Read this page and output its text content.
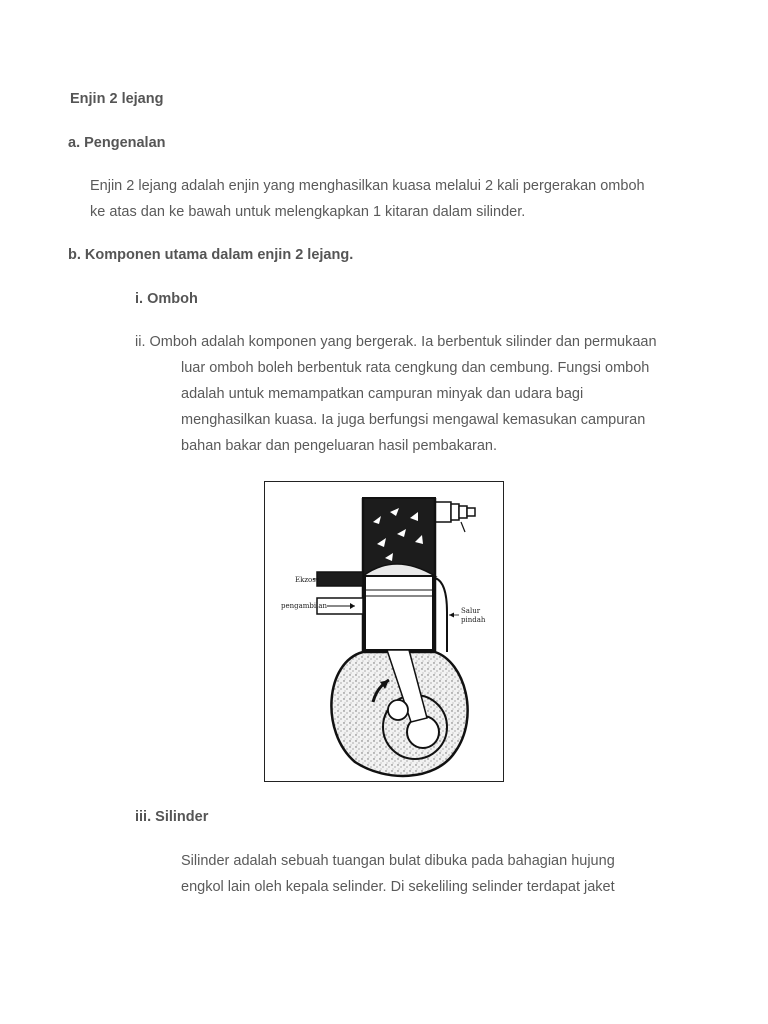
Enjin 2 lejang
a. Pengenalan
Enjin 2 lejang adalah enjin yang menghasilkan kuasa melalui 2 kali pergerakan omboh
ke atas dan ke bawah untuk melengkapkan 1 kitaran dalam silinder.
b. Komponen utama dalam enjin 2 lejang.
i. Omboh
ii. Omboh adalah komponen yang bergerak. Ia berbentuk silinder dan permukaan
luar omboh boleh berbentuk rata cengkung dan cembung. Fungsi omboh
adalah untuk memampatkan campuran minyak dan udara bagi
menghasilkan kuasa. Ia juga berfungsi mengawal kemasukan campuran
bahan bakar dan pengeluaran hasil pembakaran.
Ekzos
pengambilan
Salur
pindah
iii. Silinder
Silinder adalah sebuah tuangan bulat dibuka pada bahagian hujung
engkol lain oleh kepala selinder. Di sekeliling selinder terdapat jaket
